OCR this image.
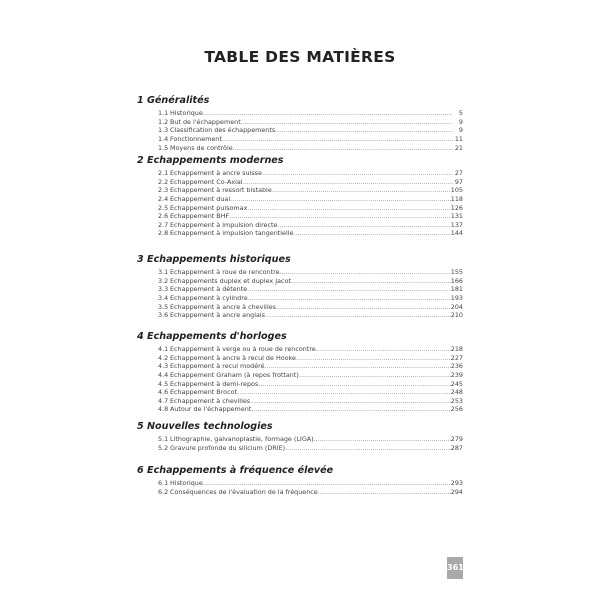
TABLE DES MATIÈRES
1 Généralités
1.1 Historique .....	5
1.2 But de l'échappement .....	9
1.3 Classification des échappements .....	9
1.4 Fonctionnement .....	11
1.5 Moyens de contrôle .....	21
2 Echappements modernes
2.1 Echappement à ancre suisse .....	27
2.2 Echappement Co-Axial .....	97
2.3 Echappement à ressort bistable .....	105
2.4 Echappement dual .....	118
2.5 Echappement pulsomax .....	126
2.6 Echappement BHF .....	131
2.7 Echappement à impulsion directe .....	137
2.8 Echappement à impulsion tangentielle .....	144
3 Echappements historiques
3.1 Echappement à roue de rencontre .....	155
3.2 Echappements duplex et duplex Jacot .....	166
3.3 Echappement à détente .....	181
3.4 Echappement à cylindre .....	193
3.5 Echappement à ancre à chevilles .....	204
3.6 Echappement à ancre anglais .....	210
4 Echappements d'horloges
4.1 Echappement à verge ou à roue de rencontre .....	218
4.2 Echappement à ancre à recul de Hooke .....	227
4.3 Echappement à recul modéré .....	236
4.4 Echappement Graham (à repos frottant) .....	239
4.5 Echappement à demi-repos .....	245
4.6 Echappement Brocot .....	248
4.7 Echappement à chevilles .....	253
4.8 Autour de l'échappement .....	256
5 Nouvelles technologies
5.1 Lithographie, galvanoplastie, formage (LIGA) .....	279
5.2 Gravure profonde du silicium (DRIE) .....	287
6 Echappements à fréquence élevée
6.1 Historique .....	293
6.2 Conséquences de l'évaluation de la fréquence .....	294
361
